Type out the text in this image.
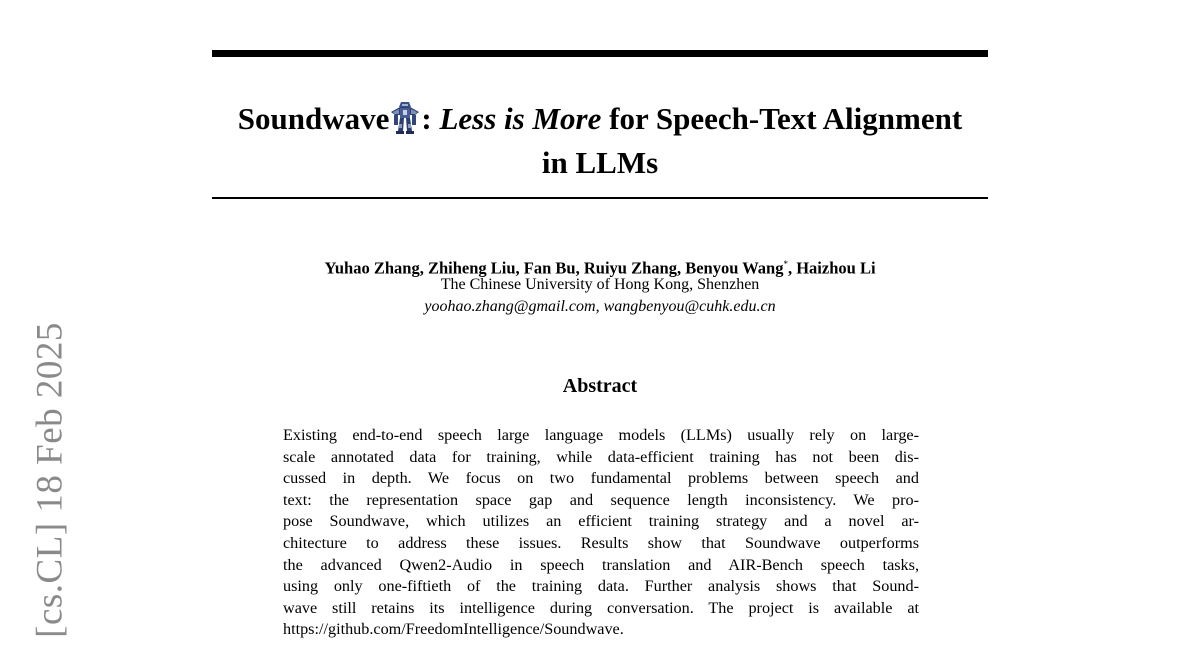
Soundwave : Less is More for Speech-Text Alignment
in LLMs
Yuhao Zhang, Zhiheng Liu, Fan Bu, Ruiyu Zhang, Benyou Wang*, Haizhou Li
The Chinese University of Hong Kong, Shenzhen
yoohao.zhang@gmail.com, wangbenyou@cuhk.edu.cn
Abstract
Existing end-to-end speech large language models (LLMs) usually rely on large-
scale annotated data for training, while data-efficient training has not been dis-
cussed in depth. We focus on two fundamental problems between speech and
text: the representation space gap and sequence length inconsistency. We pro-
pose Soundwave, which utilizes an efficient training strategy and a novel ar-
chitecture to address these issues. Results show that Soundwave outperforms
the advanced Qwen2-Audio in speech translation and AIR-Bench speech tasks,
using only one-fiftieth of the training data. Further analysis shows that Sound-
wave still retains its intelligence during conversation. The project is available at
https://github.com/FreedomIntelligence/Soundwave.
[cs.CL] 18 Feb 2025
